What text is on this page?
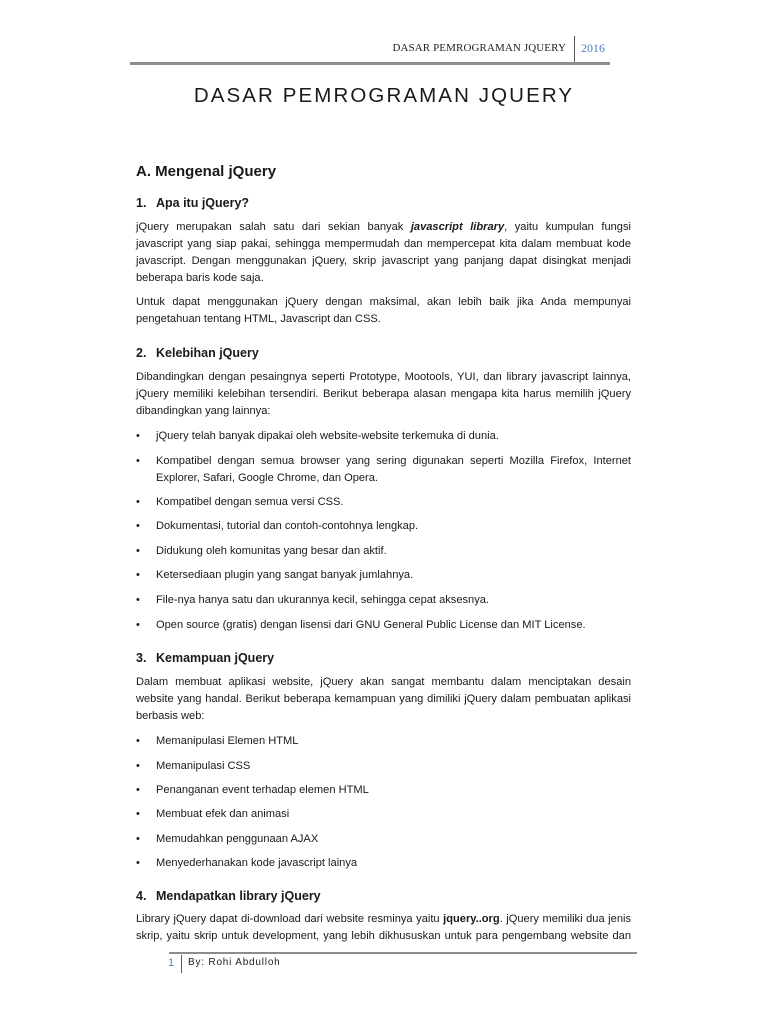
DASAR PEMROGRAMAN JQUERY 2016
DASAR PEMROGRAMAN JQUERY
A. Mengenal jQuery
1. Apa itu jQuery?
jQuery merupakan salah satu dari sekian banyak javascript library, yaitu kumpulan fungsi
javascript yang siap pakai, sehingga mempermudah dan mempercepat kita dalam membuat kode
javascript. Dengan menggunakan jQuery, skrip javascript yang panjang dapat disingkat menjadi
beberapa baris kode saja.
Untuk dapat menggunakan jQuery dengan maksimal, akan lebih baik jika Anda mempunyai
pengetahuan tentang HTML, Javascript dan CSS.
2. Kelebihan jQuery
Dibandingkan dengan pesaingnya seperti Prototype, Mootools, YUI, dan library javascript lainnya,
jQuery memiliki kelebihan tersendiri. Berikut beberapa alasan mengapa kita harus memilih jQuery
dibandingkan yang lainnya:
• jQuery telah banyak dipakai oleh website-website terkemuka di dunia.
• Kompatibel dengan semua browser yang sering digunakan seperti Mozilla Firefox, Internet
Explorer, Safari, Google Chrome, dan Opera.
• Kompatibel dengan semua versi CSS.
• Dokumentasi, tutorial dan contoh-contohnya lengkap.
• Didukung oleh komunitas yang besar dan aktif.
• Ketersediaan plugin yang sangat banyak jumlahnya.
• File-nya hanya satu dan ukurannya kecil, sehingga cepat aksesnya.
• Open source (gratis) dengan lisensi dari GNU General Public License dan MIT License.
3. Kemampuan jQuery
Dalam membuat aplikasi website, jQuery akan sangat membantu dalam menciptakan desain
website yang handal. Berikut beberapa kemampuan yang dimiliki jQuery dalam pembuatan aplikasi
berbasis web:
• Memanipulasi Elemen HTML
• Memanipulasi CSS
• Penanganan event terhadap elemen HTML
• Membuat efek dan animasi
• Memudahkan penggunaan AJAX
• Menyederhanakan kode javascript lainya
4. Mendapatkan library jQuery
Library jQuery dapat di-download dari website resminya yaitu jquery..org. jQuery memiliki dua jenis
skrip, yaitu skrip untuk development, yang lebih dikhususkan untuk para pengembang website dan
1 By: Rohi Abdulloh
